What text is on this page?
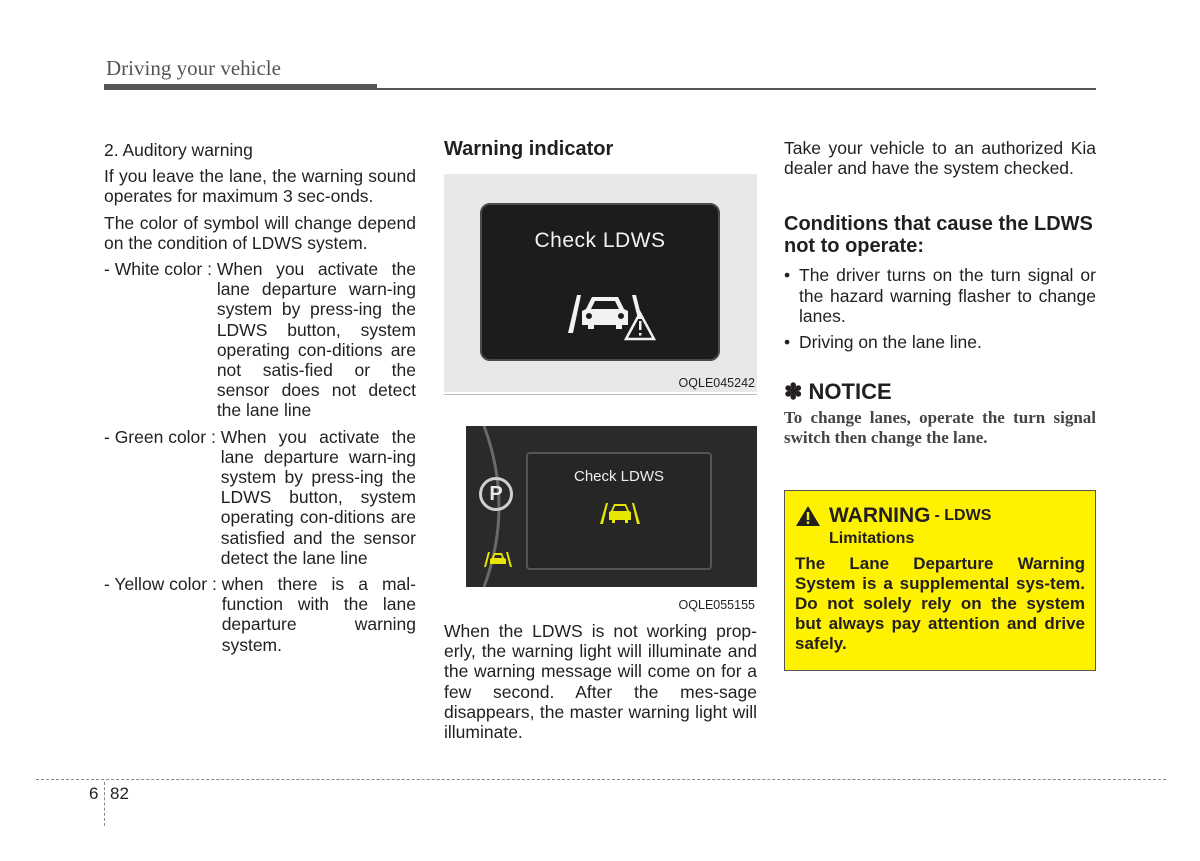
Driving your vehicle

2. Auditory warning

If you leave the lane, the warning sound operates for maximum 3 sec-onds.

The color of symbol will change depend on the condition of LDWS system.

- White color : When you activate the lane departure warn-ing system by press-ing the LDWS button, system operating con-ditions are not satis-fied or the sensor does not detect the lane line
- Green color : When you activate the lane departure warn-ing system by press-ing the LDWS button, system operating con-ditions are satisfied and the sensor detect the lane line
- Yellow color : when there is a mal-function with the lane departure warning system.

Warning indicator

Check LDWS
OQLE045242
P
Check LDWS
OQLE055155

When the LDWS is not working prop-erly, the warning light will illuminate and the warning message will come on for a few second. After the mes-sage disappears, the master warning light will illuminate.

Take your vehicle to an authorized Kia dealer and have the system checked.

Conditions that cause the LDWS not to operate:

• The driver turns on the turn signal or the hazard warning flasher to change lanes.
• Driving on the lane line.

✽ NOTICE

To change lanes, operate the turn signal switch then change the lane.

WARNING - LDWS

Limitations

The Lane Departure Warning System is a supplemental sys-tem. Do not solely rely on the system but always pay attention and drive safely.

6 82
